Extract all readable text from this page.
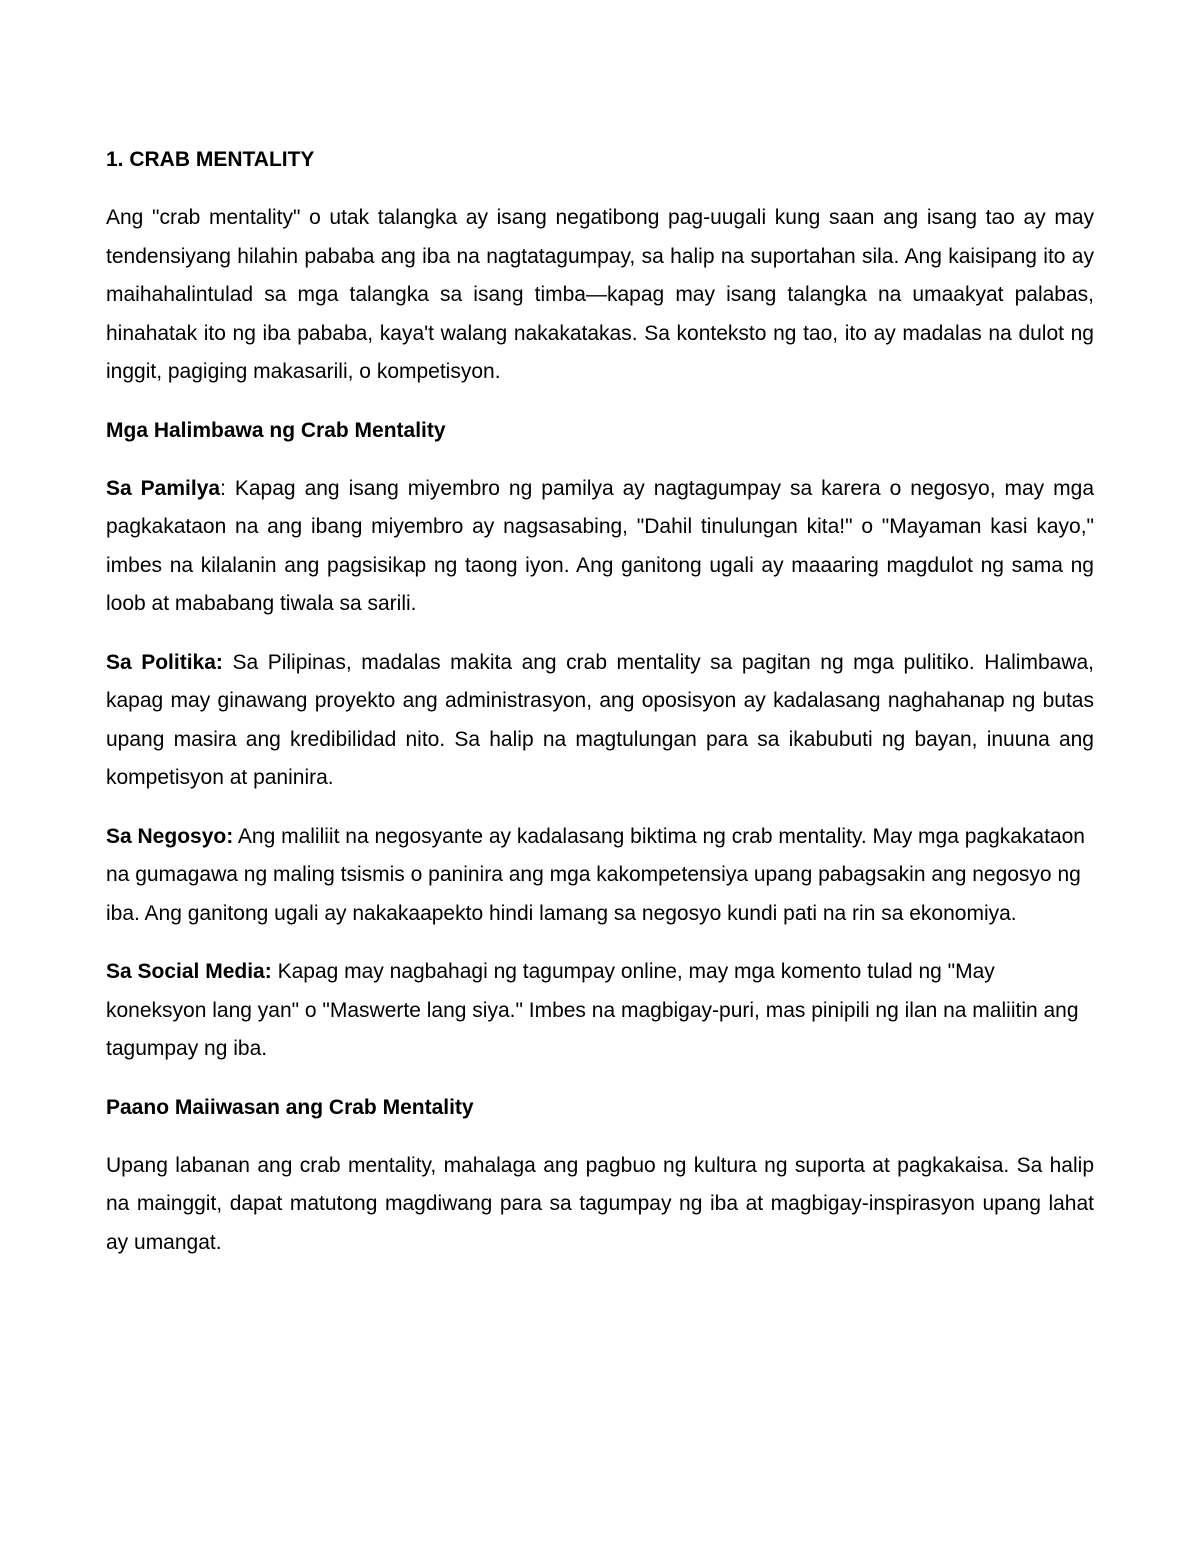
1. CRAB MENTALITY

Ang "crab mentality" o utak talangka ay isang negatibong pag-uugali kung saan ang isang tao ay may tendensiyang hilahin pababa ang iba na nagtatagumpay, sa halip na suportahan sila. Ang kaisipang ito ay maihahalintulad sa mga talangka sa isang timba—kapag may isang talangka na umaakyat palabas, hinahatak ito ng iba pababa, kaya't walang nakakatakas. Sa konteksto ng tao, ito ay madalas na dulot ng inggit, pagiging makasarili, o kompetisyon.

Mga Halimbawa ng Crab Mentality

Sa Pamilya: Kapag ang isang miyembro ng pamilya ay nagtagumpay sa karera o negosyo, may mga pagkakataon na ang ibang miyembro ay nagsasabing, "Dahil tinulungan kita!" o "Mayaman kasi kayo," imbes na kilalanin ang pagsisikap ng taong iyon. Ang ganitong ugali ay maaaring magdulot ng sama ng loob at mababang tiwala sa sarili.

Sa Politika: Sa Pilipinas, madalas makita ang crab mentality sa pagitan ng mga pulitiko. Halimbawa, kapag may ginawang proyekto ang administrasyon, ang oposisyon ay kadalasang naghahanap ng butas upang masira ang kredibilidad nito. Sa halip na magtulungan para sa ikabubuti ng bayan, inuuna ang kompetisyon at paninira.

Sa Negosyo: Ang maliliit na negosyante ay kadalasang biktima ng crab mentality. May mga pagkakataon na gumagawa ng maling tsismis o paninira ang mga kakompetensiya upang pabagsakin ang negosyo ng iba. Ang ganitong ugali ay nakakaapekto hindi lamang sa negosyo kundi pati na rin sa ekonomiya.

Sa Social Media: Kapag may nagbahagi ng tagumpay online, may mga komento tulad ng "May koneksyon lang yan" o "Maswerte lang siya." Imbes na magbigay-puri, mas pinipili ng ilan na maliitin ang tagumpay ng iba.

Paano Maiiwasan ang Crab Mentality

Upang labanan ang crab mentality, mahalaga ang pagbuo ng kultura ng suporta at pagkakaisa. Sa halip na mainggit, dapat matutong magdiwang para sa tagumpay ng iba at magbigay-inspirasyon upang lahat ay umangat.
